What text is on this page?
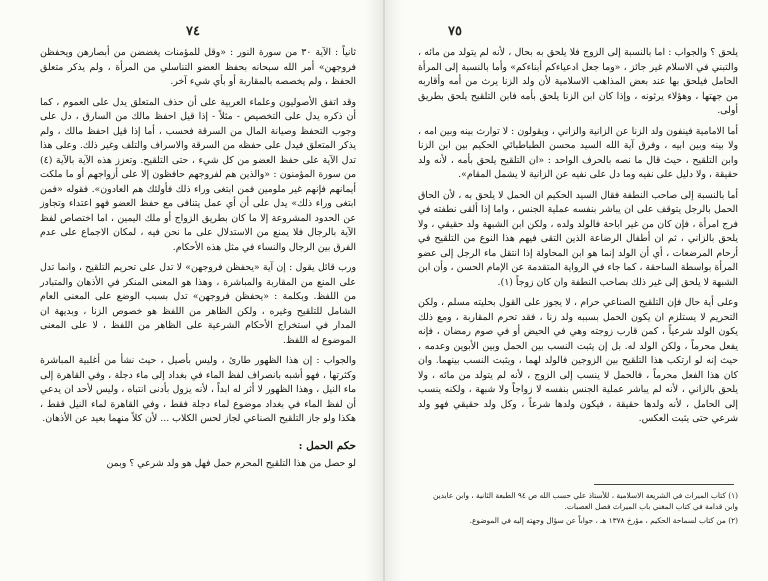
٧٤

ثانياً : الآية ٣٠ من سورة النور : «وقل للمؤمنات يغضضن من أبصارهن ويحفظن فروجهن» أمر الله سبحانه بحفظ العضو التناسلي من المرأة ، ولم يذكر متعلق الحفظ ، ولم يخصصه بالمقاربة أو بأي شيء آخر.

وقد اتفق الأصوليون وعلماء العربية على أن حذف المتعلق يدل على العموم ، كما أن ذكره يدل على التخصيص - مثلاً - إذا قيل احفظ مالك من السارق ، دل على وجوب التحفظ وصيانة المال من السرقة فحسب ، أما إذا قيل احفظ مالك ، ولم يذكر المتعلق فيدل على حفظه من السرقة والاسراف والتلف وغير ذلك. وعلى هذا تدل الآية على حفظ العضو من كل شيء ، حتى التلقيح. وتعزز هذه الآية بالآية (٤) من سورة المؤمنون : «والذين هم لفروجهم حافظون إلا على أزواجهم أو ما ملكت أيمانهم فإنهم غير ملومين فمن ابتغى وراء ذلك فأولئك هم العادون». فقوله «فمن ابتغى وراء ذلك» يدل على أن أي عمل يتنافى مع حفظ العضو فهو اعتداء وتجاوز عن الحدود المشروعة إلا ما كان بطريق الزواج أو ملك اليمين ، اما اختصاص لفظ الآية بالرجال فلا يمنع من الاستدلال على ما نحن فيه ، لمكان الاجماع على عدم الفرق بين الرجال والنساء في مثل هذه الأحكام.

ورب قائل يقول : إن آية «يحفظن فروجهن» لا تدل على تحريم التلقيح ، وانما تدل على المنع من المقاربة والمباشرة ، وهذا هو المعنى المنكر في الأذهان والمتبادر من اللفظ. وبكلمة : «يحفظن فروجهن» تدل بسبب الوضع على المعنى العام الشامل للتلقيح وغيره ، ولكن الظاهر من اللفظ هو خصوص الزنا ، وبديهة ان المدار في استخراج الأحكام الشرعية على الظاهر من اللفظ ، لا على المعنى الموضوع له اللفظ.

والجواب : إن هذا الظهور طارئ ، وليس بأصيل ، حيث نشأ من أغلبية المباشرة وكثرتها ، فهو أشبه بانصراف لفظ الماء في بغداد إلى ماء دجلة ، وفي القاهرة إلى ماء النيل ، وهذا الظهور لا أثر له ابداً ، لأنه يزول بأدنى انتباه ، وليس لأحد ان يدعي أن لفظ الماء في بغداد موضوع لماء دجلة فقط ، وفي القاهرة لماء النيل فقط ، هكذا ولو جاز التلقيح الصناعي لجاز لحس الكلاب ... لأن كلاً منهما بعيد عن الأذهان.

حكم الحمل :

لو حصل من هذا التلقيح المحرم حمل فهل هو ولد شرعي ؟ وبمن

٧٥

يلحق ؟ والجواب : اما بالنسبة إلى الزوج فلا يلحق به بحال ، لأنه لم يتولد من مائه ، والتبني في الاسلام غير جائز ، «وما جعل ادعياءكم أبناءكم» وأما بالنسبة إلى المرأة الحامل فيلحق بها عند بعض المذاهب الاسلامية لأن ولد الزنا يرث من أمه وأقاربه من جهتها ، وهؤلاء يرثونه ، وإذا كان ابن الزنا يلحق بأمه فابن التلقيح يلحق بطريق أولى.

أما الامامية فينفون ولد الزنا عن الزانية والزاني ، ويقولون : لا توارث بينه وبين امه ، ولا بينه وبين ابيه ، وفرق آية الله السيد محسن الطباطبائي الحكيم بين ابن الزنا وابن التلقيح ، حيث قال ما نصه بالحرف الواحد : «ان التلقيح يلحق بأمه ، لأنه ولد حقيقة ، ولا دليل على نفيه وما دل على نفيه عن الزانية لا يشمل المقام».

أما بالنسبة إلى صاحب النطفة فقال السيد الحكيم ان الحمل لا يلحق به ، لأن الحاق الحمل بالرجل يتوقف على ان يباشر بنفسه عملية الجنس ، واما إذا ألقى نطفته في فرج امرأة ، فإن كان من غير اباحة فالولد ولده ، ولكن ابن الشبهة ولد حقيقي ، ولا يلحق بالزاني ، ثم ان أطفال الرضاعة الذين التقى فيهم هذا النوع من التلقيح في أرحام المرضعات ، أي أن الولد إنما هو ابن المحاولة إذا انتقل ماء الرجل إلى عضو المرأة بواسطة الساحقة ، كما جاء في الرواية المتقدمة عن الإمام الحسن ، وأن ابن الشبهة لا يلحق إلى غير ذلك بصاحب النطفة وان كان زوجاً (١).

وعلى أية حال فإن التلقيح الصناعي حرام ، لا يجوز على القول بحليته مسلم ، ولكن التحريم لا يستلزم ان يكون الحمل بسببه ولد زنا ، فقد تحرم المقاربة ، ومع ذلك يكون الولد شرعياً ، كمن قارب زوجته وهي في الحيض أو في صوم رمضان ، فإنه يفعل محرماً ، ولكن الولد له. بل إن يثبت النسب بين الحمل وبين الأبوين وعدمه ، حيث إنه لو ارتكب هذا التلقيح بين الزوجين فالولد لهما ، ويثبت النسب بينهما. وان كان هذا الفعل محرماً ، فالحمل لا ينسب إلى الزوج ، لأنه لم يتولد من مائه ، ولا يلحق بالزاني ، لأنه لم يباشر عملية الجنس بنفسه لا زواجاً ولا شبهة ، ولكنه ينسب إلى الحامل ، لأنه ولدها حقيقة ، فيكون ولدها شرعاً ، وكل ولد حقيقي فهو ولد شرعي حتى يثبت العكس.

(١) كتاب الميراث في الشريعة الاسلامية ، للأستاذ علي حسب الله ص ٩٤ الطبعة الثانية ، وابن عابدين وابن قدامة في كتاب المغني باب الميراث فصل العصبات.

(٢) من كتاب لسماحة الحكيم ، مؤرخ ١٣٧٨ هـ ، جواباً عن سؤال وجهته إليه في الموضوع.
